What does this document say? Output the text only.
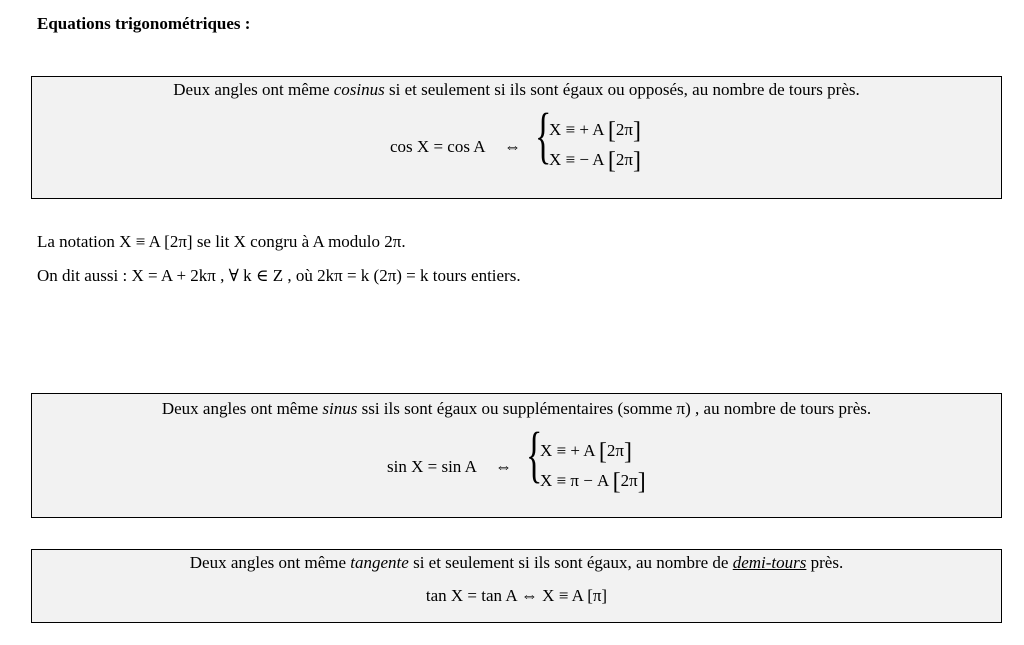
Equations trigonométriques :
Deux angles ont même cosinus si et seulement si ils sont égaux ou opposés, au nombre de tours près.
cos X = cos A ⇔ {
X ≡ + A [2π]
X ≡ − A [2π]
La notation X ≡ A [2π] se lit X congru à A modulo 2π.
On dit aussi : X = A + 2kπ , ∀ k ∈ Z , où 2kπ = k (2π) = k tours entiers.
Deux angles ont même sinus ssi ils sont égaux ou supplémentaires (somme π) , au nombre de tours près.
sin X = sin A ⇔ {
X ≡ + A [2π]
X ≡ π − A [2π]
Deux angles ont même tangente si et seulement si ils sont égaux, au nombre de demi-tours près.
tan X = tan A ⇔ X ≡ A [π]
